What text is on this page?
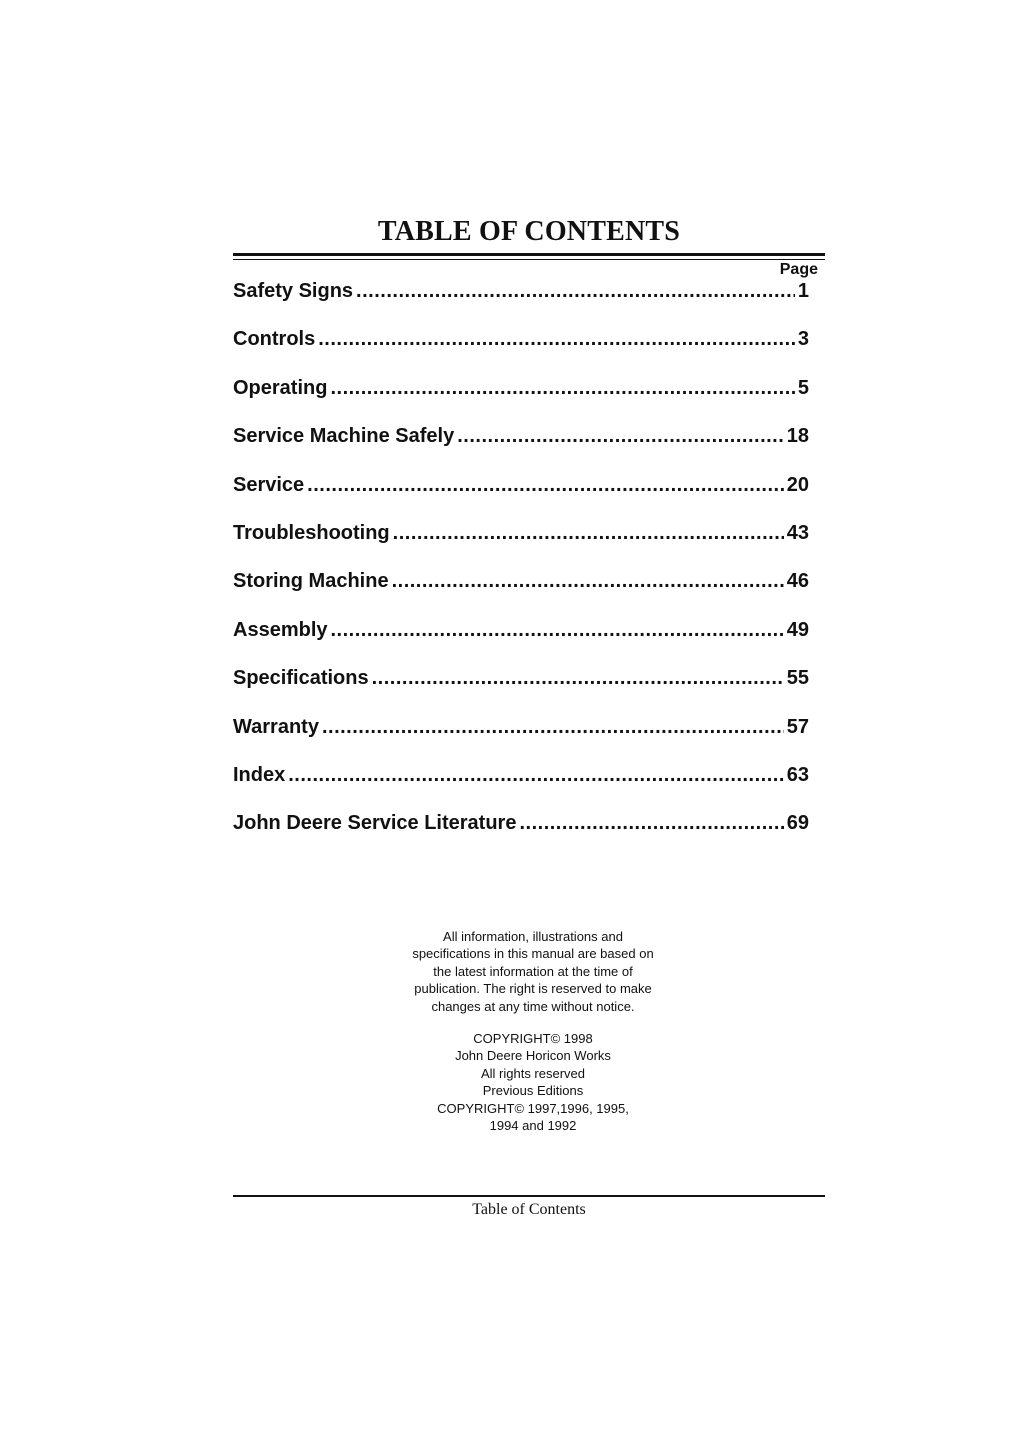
TABLE OF CONTENTS
Page
Safety Signs .....	1
Controls .....	3
Operating .....	5
Service Machine Safely .....	18
Service .....	20
Troubleshooting .....	43
Storing Machine .....	46
Assembly .....	49
Specifications .....	55
Warranty .....	57
Index .....	63
John Deere Service Literature .....	69

All information, illustrations and

specifications in this manual are based on

the latest information at the time of

publication. The right is reserved to make

changes at any time without notice.

COPYRIGHT© 1998
John Deere Horicon Works
All rights reserved
Previous Editions
COPYRIGHT© 1997,1996, 1995,
1994 and 1992
Table of Contents
